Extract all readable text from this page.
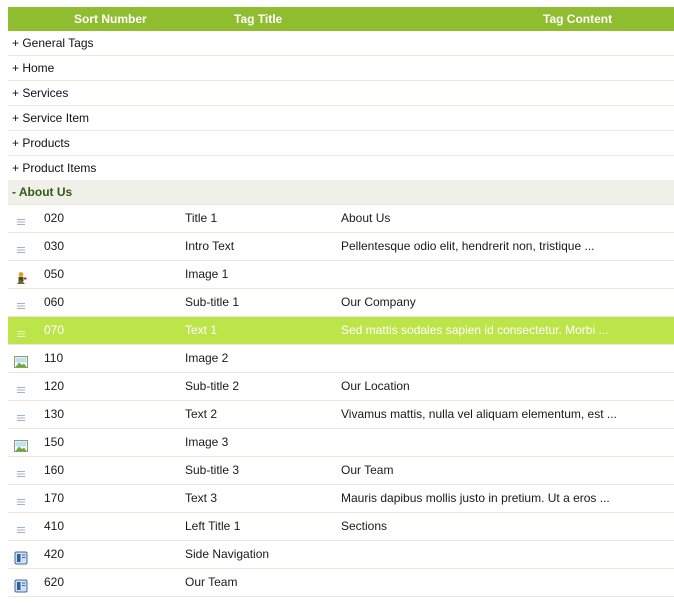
Sort Number	Tag Title	Tag Content
+ General Tags
+ Home
+ Services
+ Service Item
+ Products
+ Product Items
- About Us
020	Title 1	About Us
030	Intro Text	Pellentesque odio elit, hendrerit non, tristique ...
050	Image 1
060	Sub-title 1	Our Company
070	Text 1	Sed mattis sodales sapien id consectetur. Morbi ...
110	Image 2
120	Sub-title 2	Our Location
130	Text 2	Vivamus mattis, nulla vel aliquam elementum, est ...
150	Image 3
160	Sub-title 3	Our Team
170	Text 3	Mauris dapibus mollis justo in pretium. Ut a eros ...
410	Left Title 1	Sections
420	Side Navigation
620	Our Team
